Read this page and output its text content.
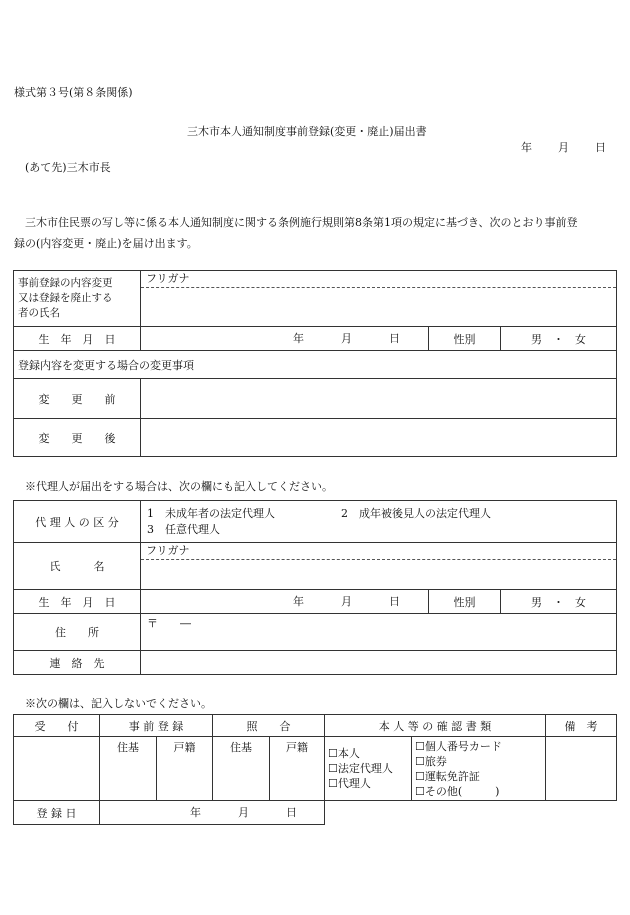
様式第３号(第８条関係)
三木市本人通知制度事前登録(変更・廃止)届出書
年 月 日
(あて先)三木市長
三木市住民票の写し等に係る本人通知制度に関する条例施行規則第8条第1項の規定に基づき、次のとおり事前登
録の(内容変更・廃止)を届け出ます。
事前登録の内容変更
又は登録を廃止する
者の氏名	フリガナ		

生　年　月　日	年 月 日	性別	男　・　女
登録内容を変更する場合の変更事項			
変　　更　　前			
変　　更　　後			
※代理人が届出をする場合は、次の欄にも記入してください。
代 理 人 の 区 分	1　未成年者の法定代理人 2　成年被後見人の法定代理人
3　任意代理人		
氏　　　名	フリガナ		

生　年　月　日	年 月 日	性別	男　・　女
住　　所	〒　　―		
連　絡　先			
※次の欄は、記入しないでください。
受　　付	事 前 登 録		照　　合		本 人 等 の 確 認 書 類		備　考
	住基	戸籍	住基	戸籍	☐本人
☐法定代理人
☐代理人	☐個人番号カード
☐旅券
☐運転免許証
☐その他(　　　)	

登 録 日	年	月	日
